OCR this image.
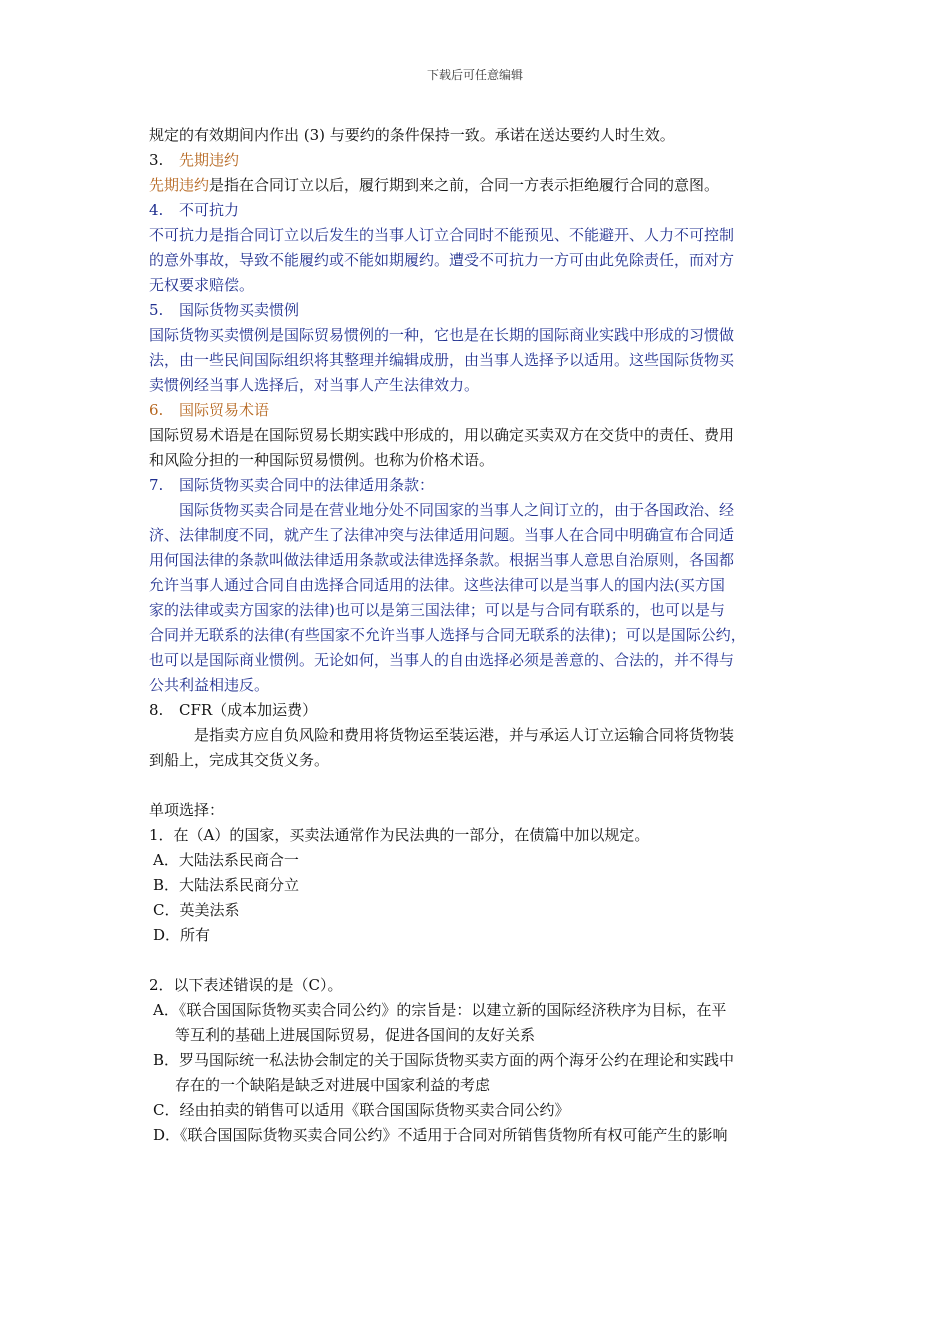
下载后可任意编辑

规定的有效期间内作出 (3) 与要约的条件保持一致。承诺在送达要约人时生效。

3. 先期违约

先期违约是指在合同订立以后，履行期到来之前，合同一方表示拒绝履行合同的意图。

4. 不可抗力

不可抗力是指合同订立以后发生的当事人订立合同时不能预见、不能避开、人力不可控制

的意外事故，导致不能履约或不能如期履约。遭受不可抗力一方可由此免除责任，而对方

无权要求赔偿。

5. 国际货物买卖惯例

国际货物买卖惯例是国际贸易惯例的一种，它也是在长期的国际商业实践中形成的习惯做

法，由一些民间国际组织将其整理并编辑成册，由当事人选择予以适用。这些国际货物买

卖惯例经当事人选择后，对当事人产生法律效力。

6. 国际贸易术语

国际贸易术语是在国际贸易长期实践中形成的，用以确定买卖双方在交货中的责任、费用

和风险分担的一种国际贸易惯例。也称为价格术语。

7. 国际货物买卖合同中的法律适用条款：

国际货物买卖合同是在营业地分处不同国家的当事人之间订立的，由于各国政治、经

济、法律制度不同，就产生了法律冲突与法律适用问题。当事人在合同中明确宣布合同适

用何国法律的条款叫做法律适用条款或法律选择条款。根据当事人意思自治原则，各国都

允许当事人通过合同自由选择合同适用的法律。这些法律可以是当事人的国内法(买方国

家的法律或卖方国家的法律)也可以是第三国法律；可以是与合同有联系的，也可以是与

合同并无联系的法律(有些国家不允许当事人选择与合同无联系的法律)；可以是国际公约，

也可以是国际商业惯例。无论如何，当事人的自由选择必须是善意的、合法的，并不得与

公共利益相违反。

8. CFR（成本加运费）

是指卖方应自负风险和费用将货物运至装运港，并与承运人订立运输合同将货物装

到船上，完成其交货义务。

单项选择：

1．在（A）的国家，买卖法通常作为民法典的一部分，在债篇中加以规定。

A．大陆法系民商合一

B．大陆法系民商分立

C．英美法系

D．所有

2．以下表述错误的是（C）。

A．《联合国国际货物买卖合同公约》的宗旨是：以建立新的国际经济秩序为目标，在平
等互利的基础上进展国际贸易，促进各国间的友好关系
B．罗马国际统一私法协会制定的关于国际货物买卖方面的两个海牙公约在理论和实践中
存在的一个缺陷是缺乏对进展中国家利益的考虑

C．经由拍卖的销售可以适用《联合国国际货物买卖合同公约》

D．《联合国国际货物买卖合同公约》不适用于合同对所销售货物所有权可能产生的影响
